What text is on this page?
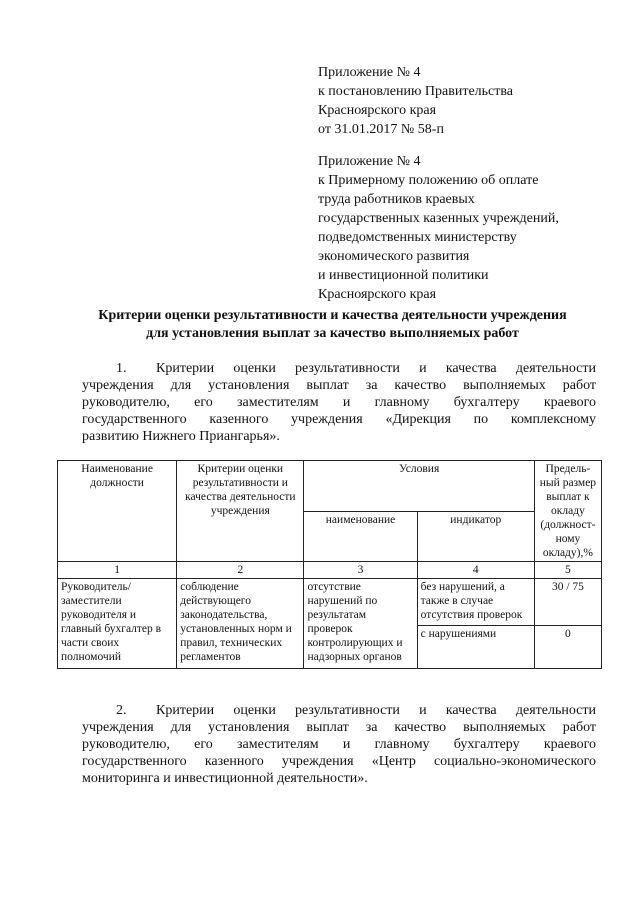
Приложение № 4
к постановлению Правительства
Красноярского края
от 31.01.2017 № 58-п
Приложение № 4
к Примерному положению об оплате
труда работников краевых
государственных казенных учреждений,
подведомственных министерству
экономического развития
и инвестиционной политики
Красноярского края
Критерии оценки результативности и качества деятельности учреждения
для установления выплат за качество выполняемых работ
1. Критерии оценки результативности и качества деятельности
учреждения для установления выплат за качество выполняемых работ
руководителю, его заместителям и главному бухгалтеру краевого
государственного казенного учреждения «Дирекция по комплексному
развитию Нижнего Приангарья».
Наименование должности	Критерии оценки результативности и качества деятельности учреждения	Условия		Предель-ный размер выплат к окладу (должност-ному окладу),%
		наименование	индикатор	
1	2	3	4	5
Руководитель/ заместители руководителя и главный бухгалтер в части своих полномочий	соблюдение действующего законодательства, установленных норм и правил, технических регламентов	отсутствие нарушений по результатам проверок контролирующих и надзорных органов	без нарушений, а также в случае отсутствия проверок	30 / 75
			с нарушениями	0
2. Критерии оценки результативности и качества деятельности
учреждения для установления выплат за качество выполняемых работ
руководителю, его заместителям и главному бухгалтеру краевого
государственного казенного учреждения «Центр социально-экономического
мониторинга и инвестиционной деятельности».
